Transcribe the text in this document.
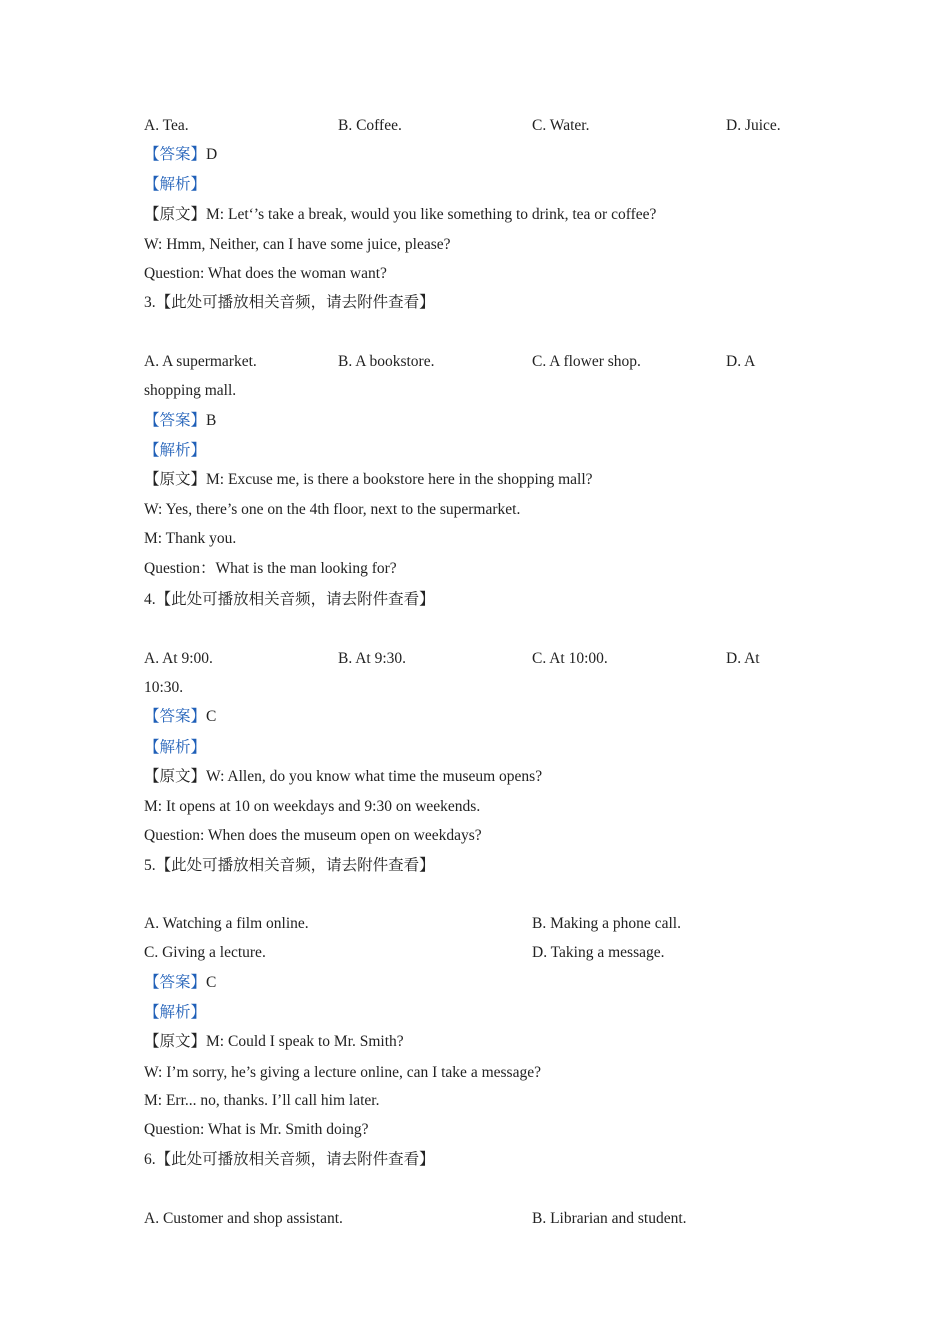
A. Tea.	B. Coffee.	C. Water.	D. Juice.
【答案】D
【解析】
【原文】M: Let‘’s take a break, would you like something to drink, tea or coffee?
W: Hmm, Neither, can I have some juice, please?
Question: What does the woman want?
3.【此处可播放相关音频，请去附件查看】
A. A supermarket.	B. A bookstore.	C. A flower shop.	D. A
shopping mall.
【答案】B
【解析】
【原文】M: Excuse me, is there a bookstore here in the shopping mall?
W: Yes, there’s one on the 4th floor, next to the supermarket.
M: Thank you.
Question：What is the man looking for?
4.【此处可播放相关音频，请去附件查看】
A. At 9:00.	B. At 9:30.	C. At 10:00.	D. At
10:30.
【答案】C
【解析】
【原文】W: Allen, do you know what time the museum opens?
M: It opens at 10 on weekdays and 9:30 on weekends.
Question: When does the museum open on weekdays?
5.【此处可播放相关音频，请去附件查看】
A. Watching a film online.	B. Making a phone call.
C. Giving a lecture.	D. Taking a message.
【答案】C
【解析】
【原文】M: Could I speak to Mr. Smith?
W: I’m sorry, he’s giving a lecture online, can I take a message?
M: Err... no, thanks. I’ll call him later.
Question: What is Mr. Smith doing?
6.【此处可播放相关音频，请去附件查看】
A. Customer and shop assistant.	B. Librarian and student.
